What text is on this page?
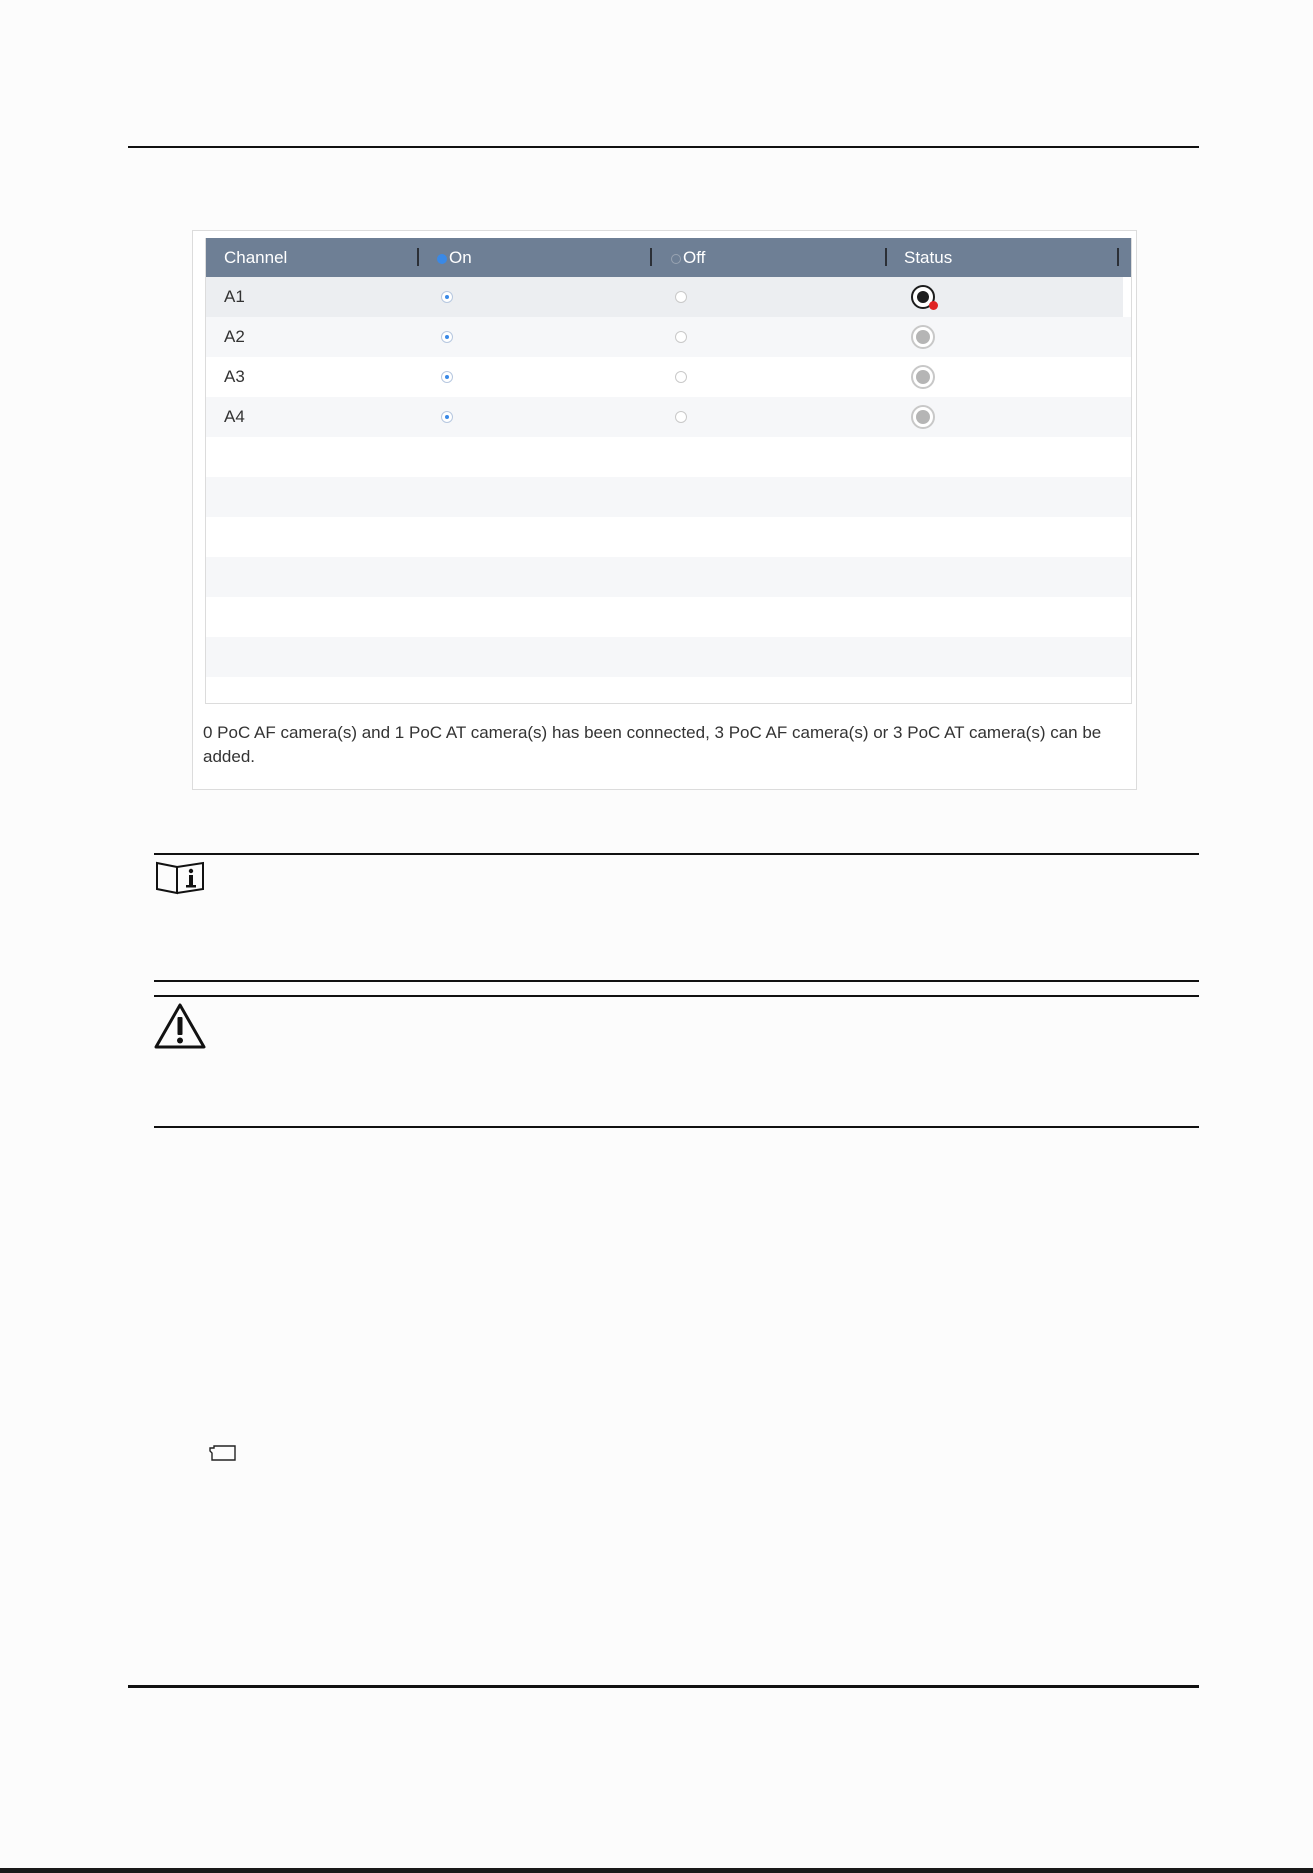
Channel	On	Off	Status
A1
A2
A3
A4
0 PoC AF camera(s) and 1 PoC AT camera(s) has been connected, 3 PoC AF camera(s) or 3 PoC AT camera(s) can be added.
